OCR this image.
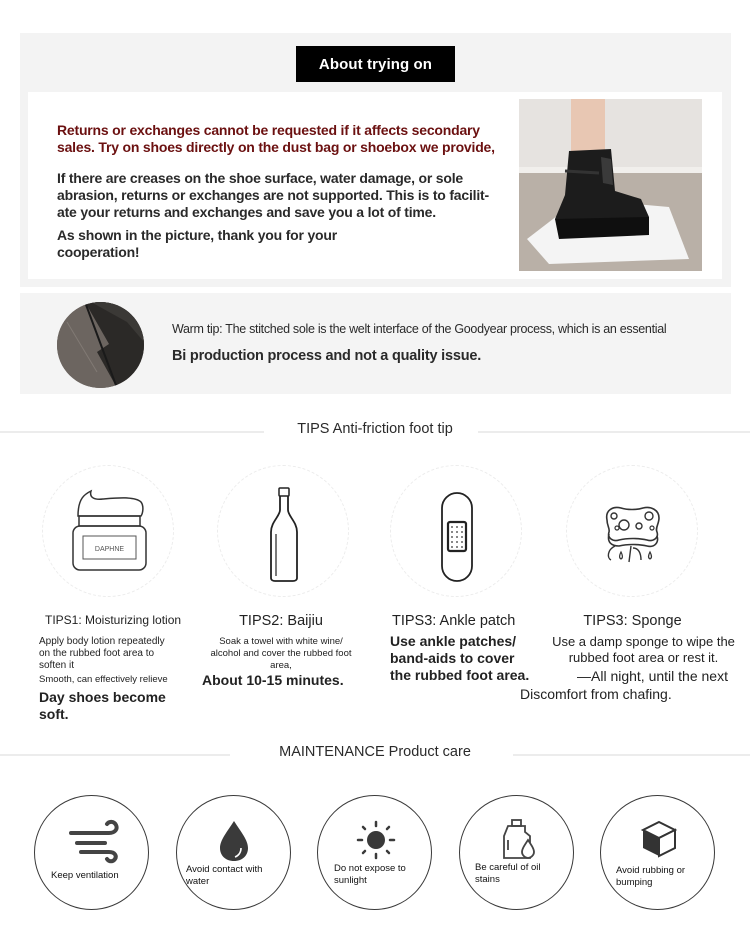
About trying on
Returns or exchanges cannot be requested if it affects secondary
sales. Try on shoes directly on the dust bag or shoebox we provide,
If there are creases on the shoe surface, water damage, or sole
abrasion, returns or exchanges are not supported. This is to facilit-
ate your returns and exchanges and save you a lot of time.
As shown in the picture, thank you for your
cooperation!
Warm tip: The stitched sole is the welt interface of the Goodyear process, which is an essential
Bi production process and not a quality issue.
TIPS Anti-friction foot tip
DAPHNE
TIPS1: Moisturizing lotion
Apply body lotion repeatedly
on the rubbed foot area to
soften it
Smooth, can effectively relieve
Day shoes become
soft.
TIPS2: Baijiu
Soak a towel with white wine/
alcohol and cover the rubbed foot
area,
About 10-15 minutes.
TIPS3: Ankle patch
Use ankle patches/
band-aids to cover
the rubbed foot area.
TIPS3: Sponge
Use a damp sponge to wipe the
rubbed foot area or rest it.
—All night, until the next
Discomfort from chafing.
MAINTENANCE Product care
Keep ventilation
Avoid contact with
water
Do not expose to
sunlight
Be careful of oil
stains
Avoid rubbing or
bumping
